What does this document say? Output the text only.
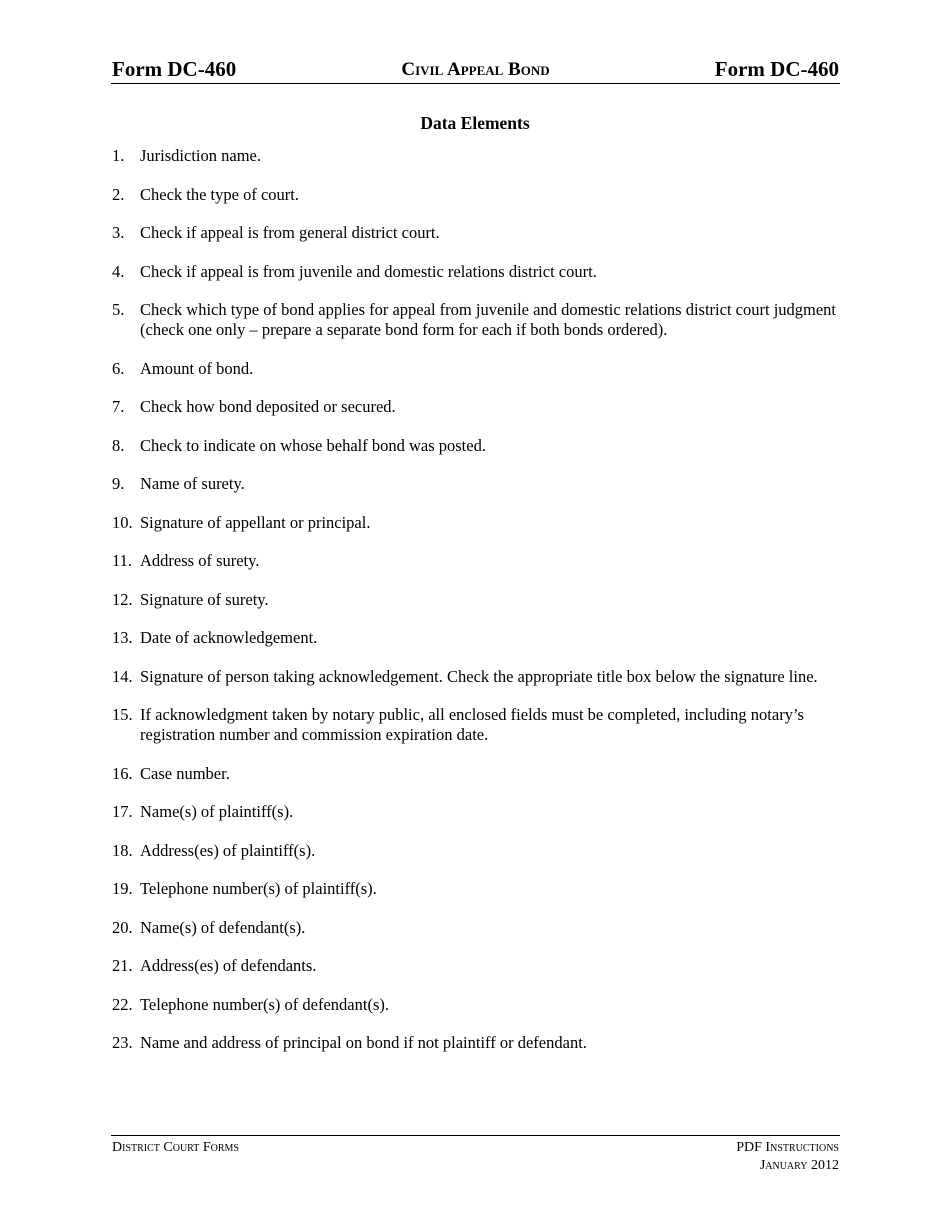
Form DC-460	Civil Appeal Bond	Form DC-460
Data Elements
1. Jurisdiction name.
2. Check the type of court.
3. Check if appeal is from general district court.
4. Check if appeal is from juvenile and domestic relations district court.
5. Check which type of bond applies for appeal from juvenile and domestic relations district court judgment (check one only – prepare a separate bond form for each if both bonds ordered).
6. Amount of bond.
7. Check how bond deposited or secured.
8. Check to indicate on whose behalf bond was posted.
9. Name of surety.
10. Signature of appellant or principal.
11. Address of surety.
12. Signature of surety.
13. Date of acknowledgement.
14. Signature of person taking acknowledgement. Check the appropriate title box below the signature line.
15. If acknowledgment taken by notary public, all enclosed fields must be completed, including notary’s registration number and commission expiration date.
16. Case number.
17. Name(s) of plaintiff(s).
18. Address(es) of plaintiff(s).
19. Telephone number(s) of plaintiff(s).
20. Name(s) of defendant(s).
21. Address(es) of defendants.
22. Telephone number(s) of defendant(s).
23. Name and address of principal on bond if not plaintiff or defendant.
District Court Forms	PDF Instructions
January 2012
